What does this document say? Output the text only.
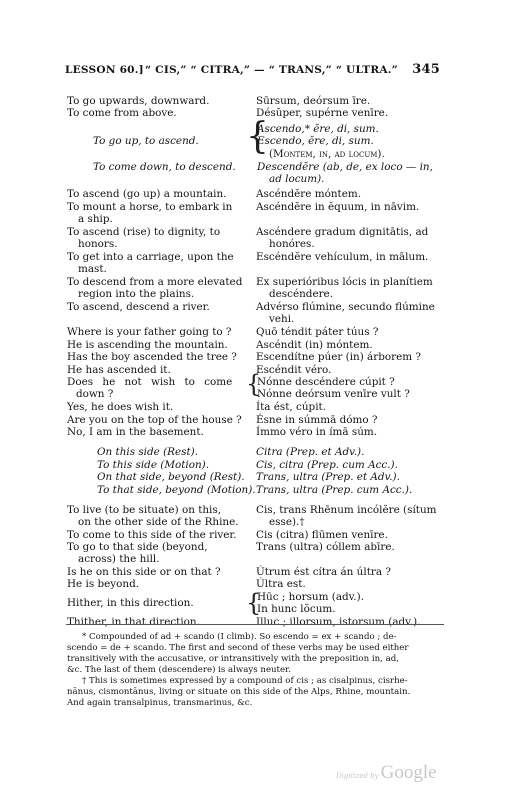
LESSON 60.] “ CIS,” “ CITRA,” — “ TRANS,” “ ULTRA.” 345
To go upwards, downward.
To come from above.
To go up, to ascend.
To come down, to descend.
To ascend (go up) a mountain.
To mount a horse, to embark in
a ship.
To ascend (rise) to dignity, to
honors.
To get into a carriage, upon the
mast.
To descend from a more elevated
region into the plains.
To ascend, descend a river.
Where is your father going to ?
He is ascending the mountain.
Has the boy ascended the tree ?
He has ascended it.
Does he not wish to come
down ?
Yes, he does wish it.
Are you on the top of the house ?
No, I am in the basement.
On this side (Rest).
To this side (Motion).
On that side, beyond (Rest).
To that side, beyond (Motion).
To live (to be situate) on this,
on the other side of the Rhine.
To come to this side of the river.
To go to that side (beyond,
across) the hill.
Is he on this side or on that ?
He is beyond.
Hither, in this direction.
Thither, in that direction.
{
{
{
Sūrsum, deórsum īre.
Désŭper, supérne venīre.
Ascendo,* ĕre, di, sum.
Escendo, ĕre, di, sum.
(Montem, in, ad locum).
Descendĕre (ab, de, ex loco — in,
ad locum).
Ascéndĕre móntem.
Ascéndĕre in ĕquum, in nāvim.
Ascéndere gradum dignitātis, ad
honóres.
Escéndĕre vehículum, in mālum.
Ex superióribus lócis in planítiem
descéndere.
Advérso flúmine, secundo flúmine
vehi.
Quō téndit páter túus ?
Ascéndit (in) móntem.
Escendítne púer (in) árborem ?
Escéndit véro.
Nónne descéndere cúpit ?
Nónne deórsum venīre vult ?
Íta ést, cúpit.
Ésne in súmmā dómo ?
Ímmo véro in ímā súm.
Citra (Prep. et Adv.).
Cis, citra (Prep. cum Acc.).
Trans, ultra (Prep. et Adv.).
Trans, ultra (Prep. cum Acc.).
Cis, trans Rhēnum incólĕre (sítum
esse).†
Cis (citra) flūmen venīre.
Trans (ultra) cóllem abīre.
Útrum ést cítra án últra ?
Últra est.
Hūc ; horsum (adv.).
In hunc lŏcum.
Illuc ; illorsum, istorsum (adv.).
* Compounded of ad + scando (I climb). So escendo = ex + scando ; de-
scendo = de + scando. The first and second of these verbs may be used either
transitively with the accusative, or intransitively with the preposition in, ad,
&c. The last of them (descendere) is always neuter.
† This is sometimes expressed by a compound of cis ; as cisalpinus, cisrhe-
nānus, cismontānus, living or situate on this side of the Alps, Rhine, mountain.
And again transalpinus, transmarinus, &c.
Digitized by Google
